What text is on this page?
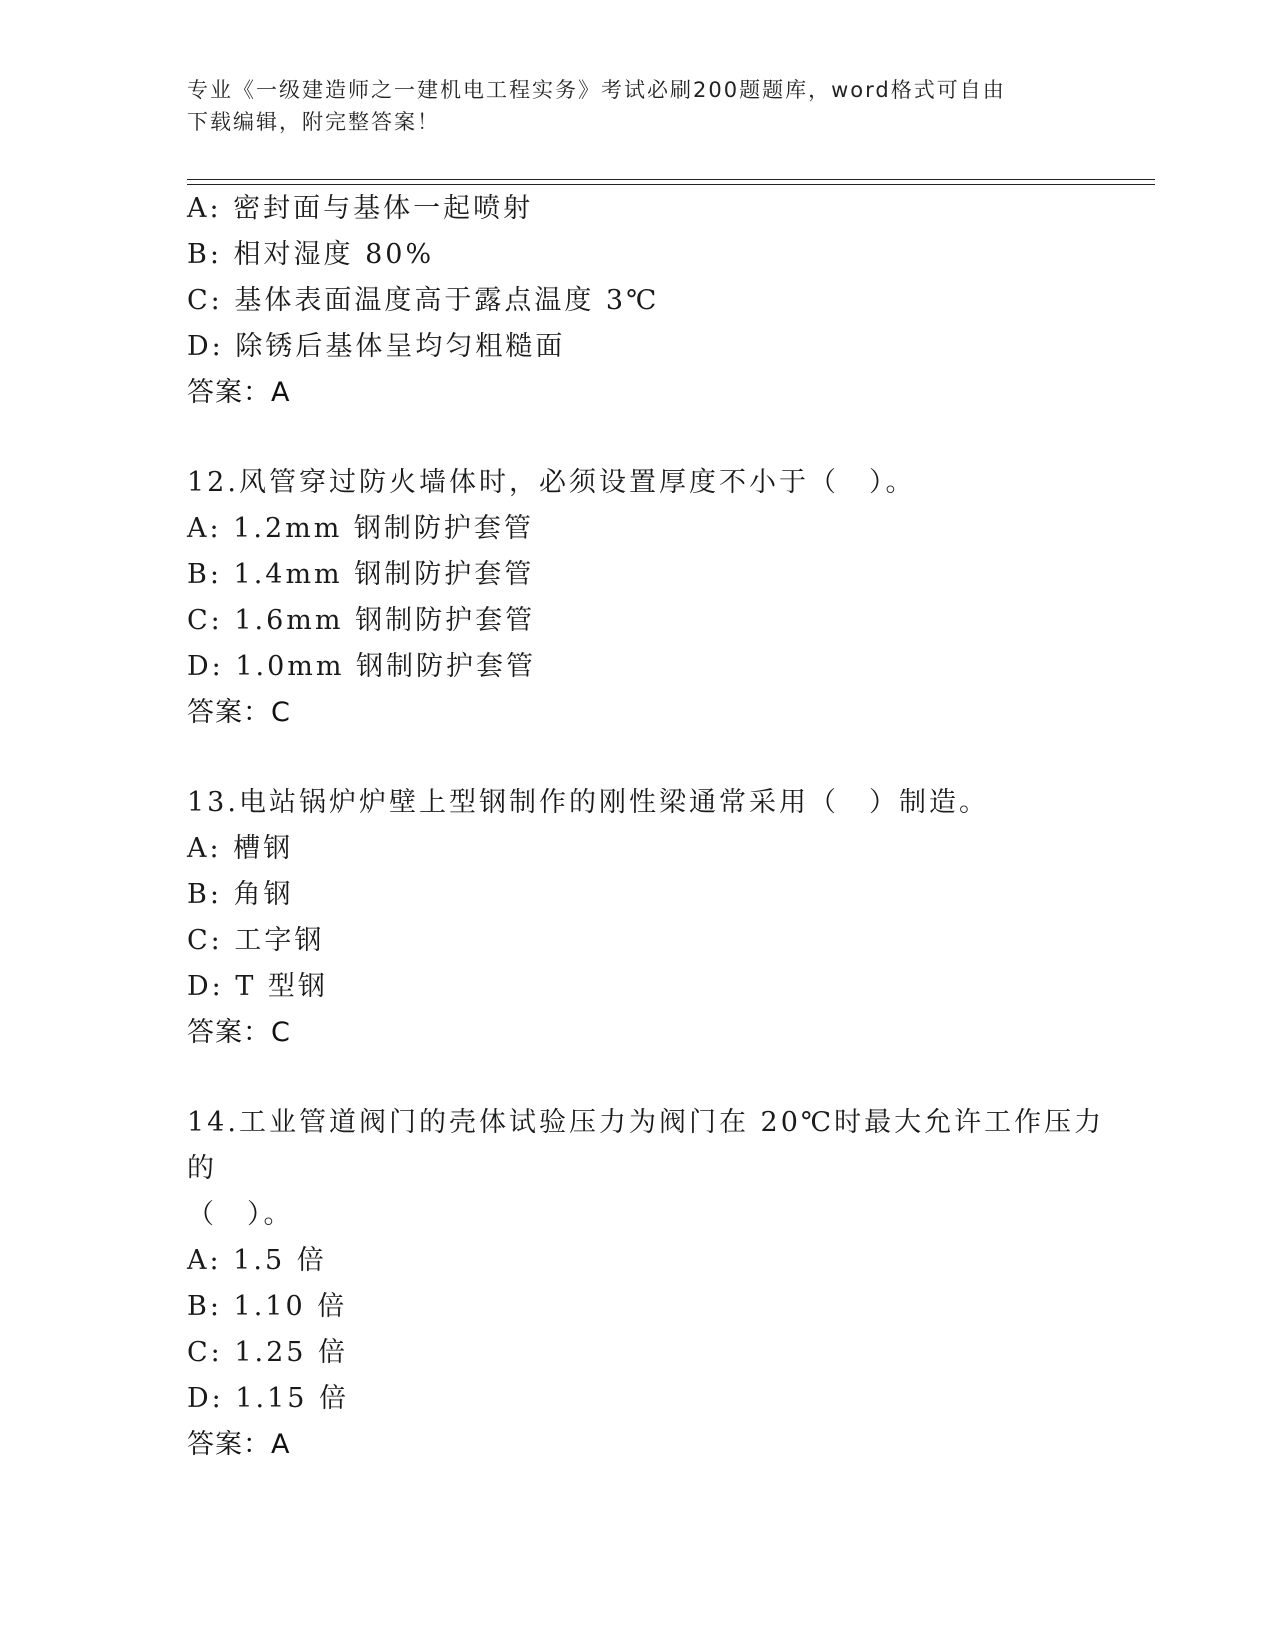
专业《一级建造师之一建机电工程实务》考试必刷200题题库，word格式可自由
下载编辑，附完整答案！
A: 密封面与基体一起喷射
B: 相对湿度 80%
C: 基体表面温度高于露点温度 3℃
D: 除锈后基体呈均匀粗糙面
答案：A
12.风管穿过防火墙体时，必须设置厚度不小于（　）。
A: 1.2mm 钢制防护套管
B: 1.4mm 钢制防护套管
C: 1.6mm 钢制防护套管
D: 1.0mm 钢制防护套管
答案：C
13.电站锅炉炉壁上型钢制作的刚性梁通常采用（　）制造。
A: 槽钢
B: 角钢
C: 工字钢
D: T 型钢
答案：C
14.工业管道阀门的壳体试验压力为阀门在 20℃时最大允许工作压力的
（　）。
A: 1.5 倍
B: 1.10 倍
C: 1.25 倍
D: 1.15 倍
答案：A
